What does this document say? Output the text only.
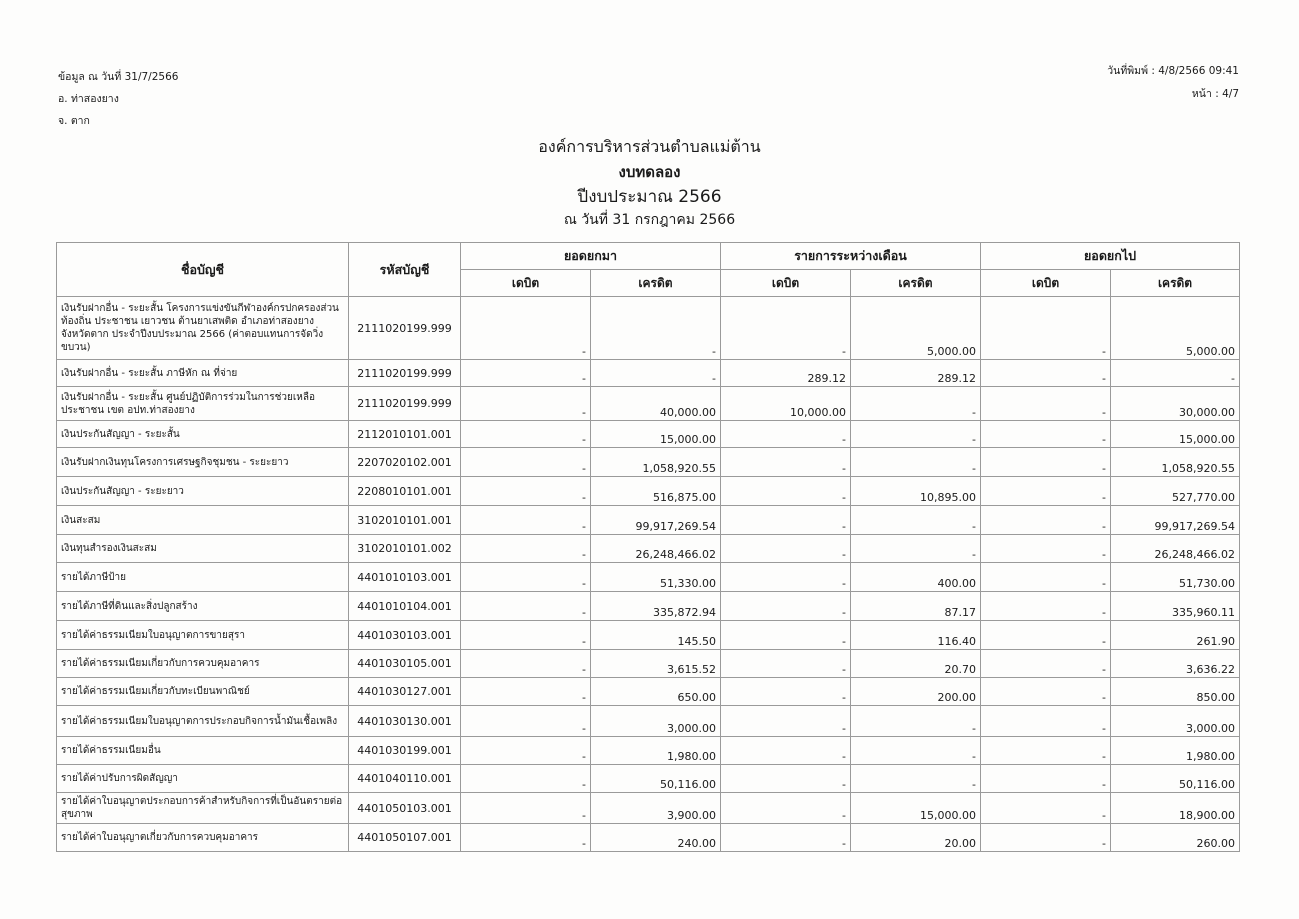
ข้อมูล ณ วันที่ 31/7/2566
อ. ท่าสองยาง
จ. ตาก
วันที่พิมพ์ : 4/8/2566 09:41
หน้า : 4/7
องค์การบริหารส่วนตำบลแม่ต้าน
งบทดลอง
ปีงบประมาณ 2566
ณ วันที่ 31 กรกฎาคม 2566
ชื่อบัญชี	รหัสบัญชี	ยอดยกมา		รายการระหว่างเดือน		ยอดยกไป	
		เดบิต	เครดิต	เดบิต	เครดิต	เดบิต	เครดิต
เงินรับฝากอื่น - ระยะสั้น โครงการแข่งขันกีฬาองค์กรปกครองส่วนท้องถิ่น ประชาชน เยาวชน ต้านยาเสพติด อำเภอท่าสองยาง จังหวัดตาก ประจำปีงบประมาณ 2566 (ค่าตอบแทนการจัดวิ่งขบวน)	2111020199.999	-	-	-	5,000.00	-	5,000.00
เงินรับฝากอื่น - ระยะสั้น ภาษีหัก ณ ที่จ่าย	2111020199.999	-	-	289.12	289.12	-	-
เงินรับฝากอื่น - ระยะสั้น ศูนย์ปฏิบัติการร่วมในการช่วยเหลือประชาชน เขต อปท.ท่าสองยาง	2111020199.999	-	40,000.00	10,000.00	-	-	30,000.00
เงินประกันสัญญา - ระยะสั้น	2112010101.001	-	15,000.00	-	-	-	15,000.00
เงินรับฝากเงินทุนโครงการเศรษฐกิจชุมชน - ระยะยาว	2207020102.001	-	1,058,920.55	-	-	-	1,058,920.55
เงินประกันสัญญา - ระยะยาว	2208010101.001	-	516,875.00	-	10,895.00	-	527,770.00
เงินสะสม	3102010101.001	-	99,917,269.54	-	-	-	99,917,269.54
เงินทุนสำรองเงินสะสม	3102010101.002	-	26,248,466.02	-	-	-	26,248,466.02
รายได้ภาษีป้าย	4401010103.001	-	51,330.00	-	400.00	-	51,730.00
รายได้ภาษีที่ดินและสิ่งปลูกสร้าง	4401010104.001	-	335,872.94	-	87.17	-	335,960.11
รายได้ค่าธรรมเนียมใบอนุญาตการขายสุรา	4401030103.001	-	145.50	-	116.40	-	261.90
รายได้ค่าธรรมเนียมเกี่ยวกับการควบคุมอาคาร	4401030105.001	-	3,615.52	-	20.70	-	3,636.22
รายได้ค่าธรรมเนียมเกี่ยวกับทะเบียนพาณิชย์	4401030127.001	-	650.00	-	200.00	-	850.00
รายได้ค่าธรรมเนียมใบอนุญาตการประกอบกิจการน้ำมันเชื้อเพลิง	4401030130.001	-	3,000.00	-	-	-	3,000.00
รายได้ค่าธรรมเนียมอื่น	4401030199.001	-	1,980.00	-	-	-	1,980.00
รายได้ค่าปรับการผิดสัญญา	4401040110.001	-	50,116.00	-	-	-	50,116.00
รายได้ค่าใบอนุญาตประกอบการค้าสำหรับกิจการที่เป็นอันตรายต่อสุขภาพ	4401050103.001	-	3,900.00	-	15,000.00	-	18,900.00
รายได้ค่าใบอนุญาตเกี่ยวกับการควบคุมอาคาร	4401050107.001	-	240.00	-	20.00	-	260.00
